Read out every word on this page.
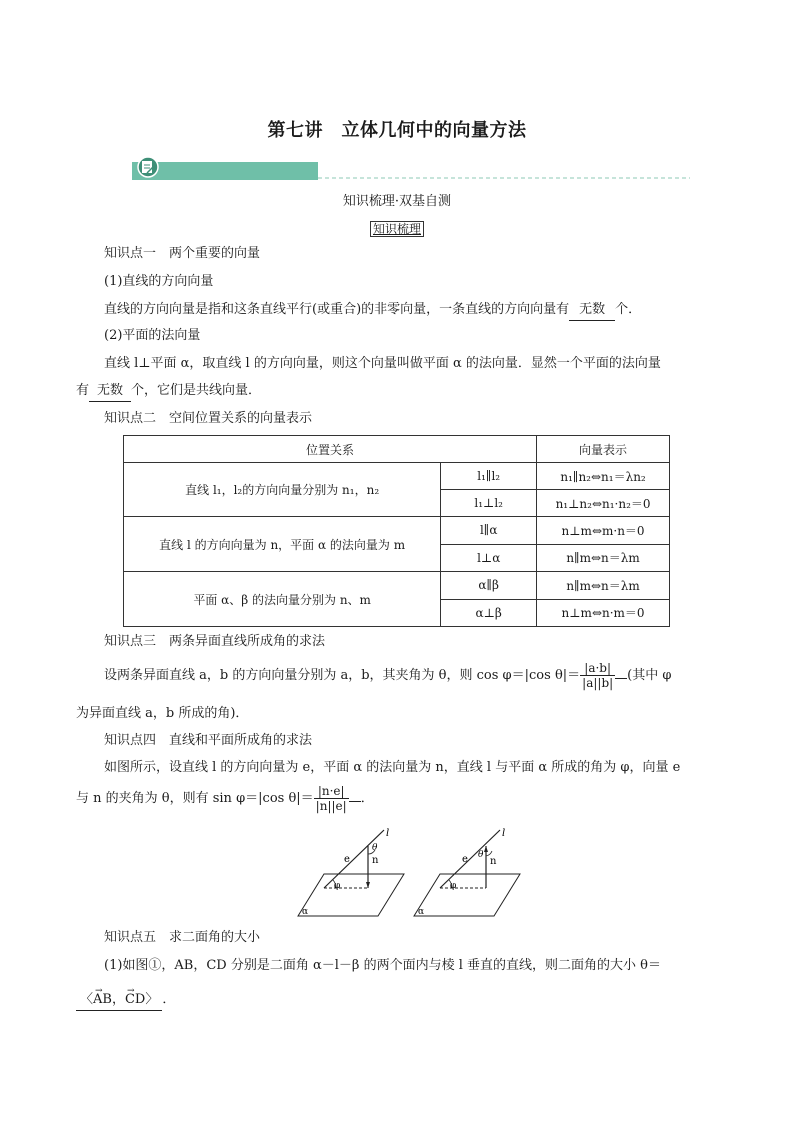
第七讲　立体几何中的向量方法
知识梳理·双基自测
知识梳理
知识点一　两个重要的向量
(1)直线的方向向量
直线的方向向量是指和这条直线平行(或重合)的非零向量，一条直线的方向向量有 无数 个．
(2)平面的法向量
直线 l⊥平面 α，取直线 l 的方向向量，则这个向量叫做平面 α 的法向量．显然一个平面的法向量
有 无数 个，它们是共线向量．
知识点二　空间位置关系的向量表示
位置关系		向量表示
直线 l₁，l₂的方向向量分别为 n₁，n₂	l₁∥l₂	n₁∥n₂⇔n₁＝λn₂
	l₁⊥l₂	n₁⊥n₂⇔n₁·n₂＝0
直线 l 的方向向量为 n，平面 α 的法向量为 m	l∥α	n⊥m⇔m·n＝0
	l⊥α	n∥m⇔n＝λm
平面 α、β 的法向量分别为 n、m	α∥β	n∥m⇔n＝λm
	α⊥β	n⊥m⇔n·m＝0
知识点三　两条异面直线所成角的求法
设两条异面直线 a，b 的方向向量分别为 a，b，其夹角为 θ，则 cos φ＝|cos $\theta|= \frac{|a\cdot b|}{|a||b|}$ (其中 φ
为异面直线 a，b 所成的角)．
知识点四　直线和平面所成角的求法
如图所示，设直线 l 的方向向量为 e，平面 α 的法向量为 n，直线 l 与平面 α 所成的角为 φ，向量 e
与 n 的夹角为 θ，则有 sin φ＝|cos $\theta|= \frac{|n\cdot e|}{|n||e|}$ ．
l
e n
θ
φ
α
l
e n
θ
φ
α
知识点五　求二面角的大小
(1)如图①，AB，CD 分别是二面角 α－l－β 的两个面内与棱 l 垂直的直线，则二面角的大小 θ＝
〈→ AB，→ CD〉 ．
